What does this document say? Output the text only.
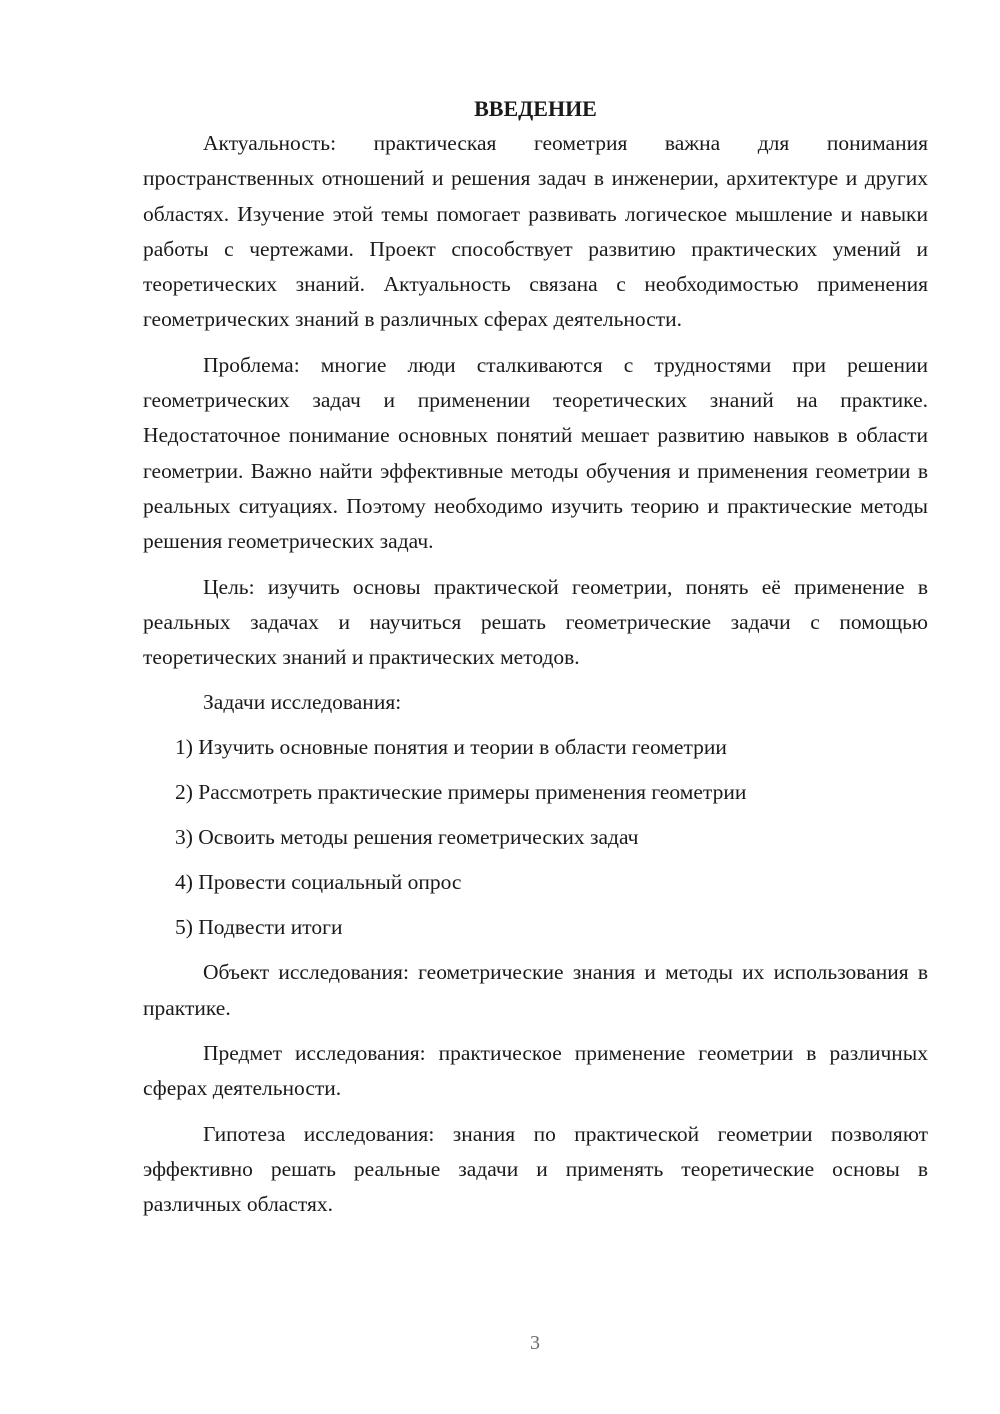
ВВЕДЕНИЕ

Актуальность: практическая геометрия важна для понимания пространственных отношений и решения задач в инженерии, архитектуре и других областях. Изучение этой темы помогает развивать логическое мышление и навыки работы с чертежами. Проект способствует развитию практических умений и теоретических знаний. Актуальность связана с необходимостью применения геометрических знаний в различных сферах деятельности.

Проблема: многие люди сталкиваются с трудностями при решении геометрических задач и применении теоретических знаний на практике. Недостаточное понимание основных понятий мешает развитию навыков в области геометрии. Важно найти эффективные методы обучения и применения геометрии в реальных ситуациях. Поэтому необходимо изучить теорию и практические методы решения геометрических задач.

Цель: изучить основы практической геометрии, понять её применение в реальных задачах и научиться решать геометрические задачи с помощью теоретических знаний и практических методов.

Задачи исследования:

1) Изучить основные понятия и теории в области геометрии
2) Рассмотреть практические примеры применения геометрии
3) Освоить методы решения геометрических задач
4) Провести социальный опрос
5) Подвести итоги

Объект исследования: геометрические знания и методы их использования в практике.

Предмет исследования: практическое применение геометрии в различных сферах деятельности.

Гипотеза исследования: знания по практической геометрии позволяют эффективно решать реальные задачи и применять теоретические основы в различных областях.

3
